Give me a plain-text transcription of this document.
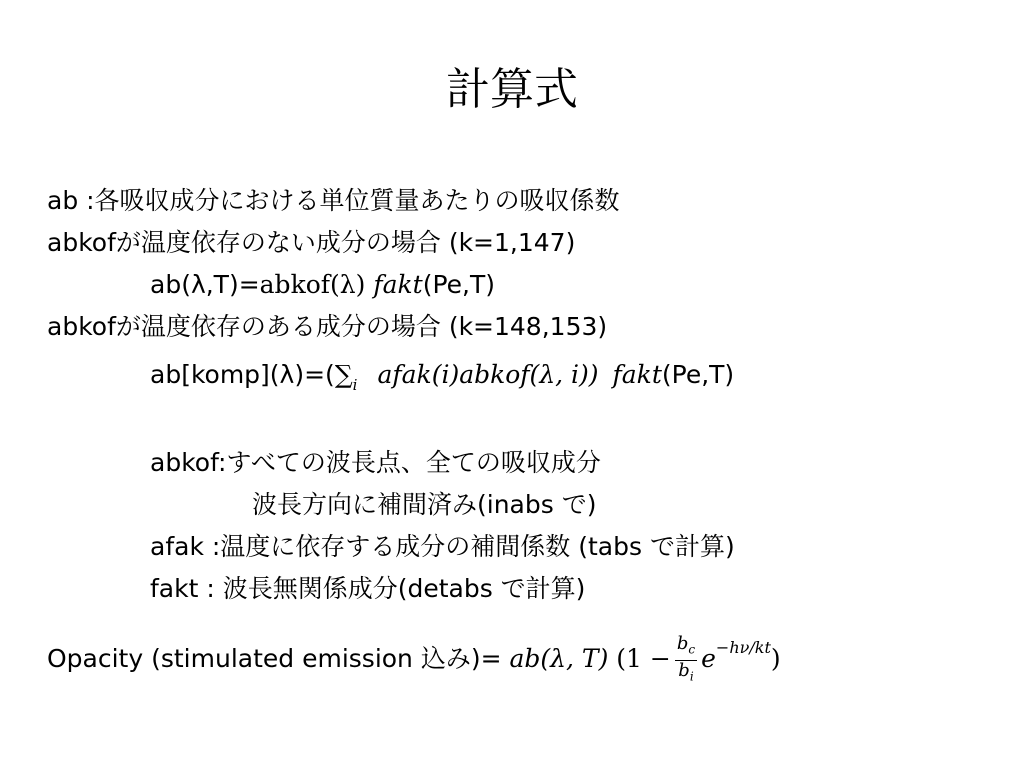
計算式
ab :各吸収成分における単位質量あたりの吸収係数
abkofが温度依存のない成分の場合 (k=1,147)
ab(λ,T)=abkof(λ) fakt(Pe,T)
abkofが温度依存のある成分の場合 (k=148,153)
$ab[komp](\lambda)=(\sum_i$ afak(i)abkof(λ, i)) fakt(Pe,T)
abkof:すべての波長点、全ての吸収成分
波長方向に補間済み(inabs で)
afak :温度に依存する成分の補間係数 (tabs で計算)
fakt : 波長無関係成分(detabs で計算)
Opacity (stimulated emission 込み)= ab(λ, T) $(1 - \frac{b_c}{b_i} e^{-h\nu/kt})$
